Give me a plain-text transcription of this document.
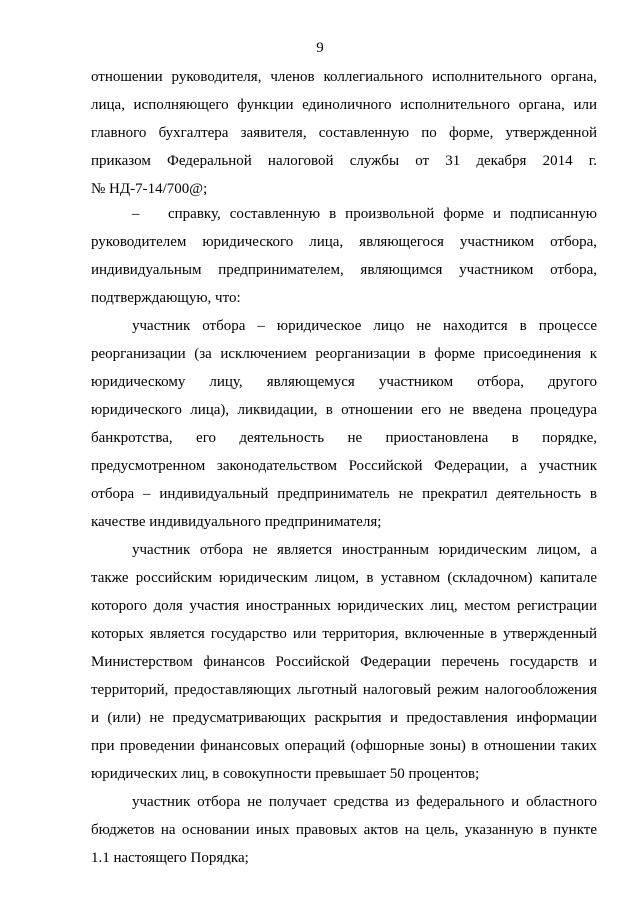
9
отношении руководителя, членов коллегиального исполнительного органа,
лица, исполняющего функции единоличного исполнительного органа, или
главного бухгалтера заявителя, составленную по форме, утвержденной
приказом Федеральной налоговой службы от 31 декабря 2014 г.
№ НД-7-14/700@;
–	справку, составленную в произвольной форме и подписанную
руководителем юридического лица, являющегося участником отбора,
индивидуальным предпринимателем, являющимся участником отбора,
подтверждающую, что:
участник отбора – юридическое лицо не находится в процессе
реорганизации (за исключением реорганизации в форме присоединения к
юридическому лицу, являющемуся участником отбора, другого
юридического лица), ликвидации, в отношении его не введена процедура
банкротства, его деятельность не приостановлена в порядке,
предусмотренном законодательством Российской Федерации, а участник
отбора – индивидуальный предприниматель не прекратил деятельность в
качестве индивидуального предпринимателя;
участник отбора не является иностранным юридическим лицом, а
также российским юридическим лицом, в уставном (складочном) капитале
которого доля участия иностранных юридических лиц, местом регистрации
которых является государство или территория, включенные в утвержденный
Министерством финансов Российской Федерации перечень государств и
территорий, предоставляющих льготный налоговый режим налогообложения
и (или) не предусматривающих раскрытия и предоставления информации
при проведении финансовых операций (офшорные зоны) в отношении таких
юридических лиц, в совокупности превышает 50 процентов;
участник отбора не получает средства из федерального и областного
бюджетов на основании иных правовых актов на цель, указанную в пункте
1.1 настоящего Порядка;
